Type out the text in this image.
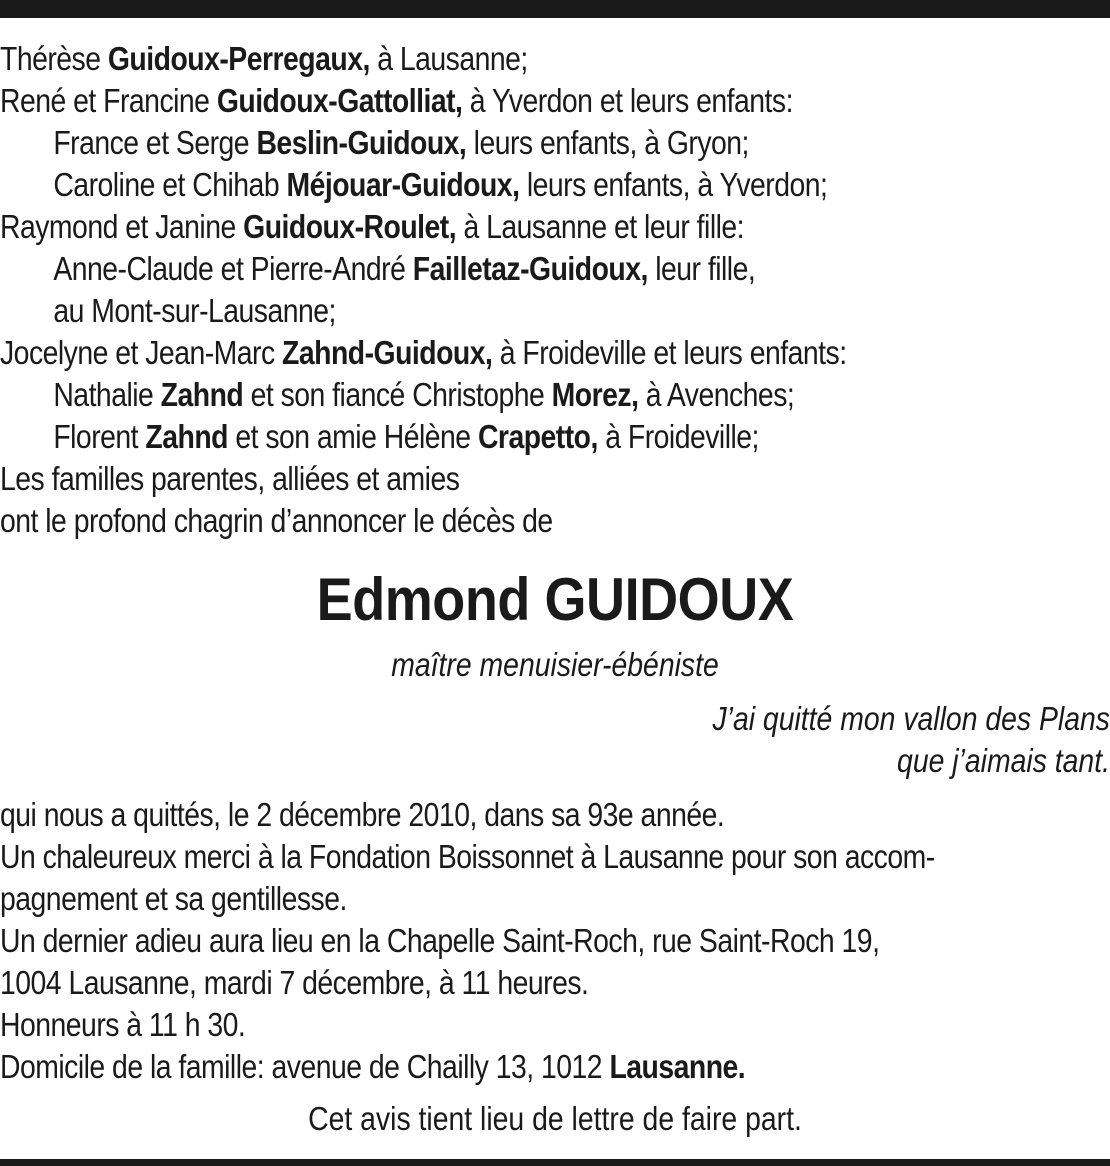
Thérèse Guidoux-Perregaux, à Lausanne;
René et Francine Guidoux-Gattolliat, à Yverdon et leurs enfants:
France et Serge Beslin-Guidoux, leurs enfants, à Gryon;
Caroline et Chihab Méjouar-Guidoux, leurs enfants, à Yverdon;
Raymond et Janine Guidoux-Roulet, à Lausanne et leur fille:
Anne-Claude et Pierre-André Failletaz-Guidoux, leur fille,
au Mont-sur-Lausanne;
Jocelyne et Jean-Marc Zahnd-Guidoux, à Froideville et leurs enfants:
Nathalie Zahnd et son fiancé Christophe Morez, à Avenches;
Florent Zahnd et son amie Hélène Crapetto, à Froideville;
Les familles parentes, alliées et amies
ont le profond chagrin d’annoncer le décès de
Edmond GUIDOUX
maître menuisier-ébéniste
J’ai quitté mon vallon des Plans
que j’aimais tant.
qui nous a quittés, le 2 décembre 2010, dans sa 93e année.
Un chaleureux merci à la Fondation Boissonnet à Lausanne pour son accom-
pagnement et sa gentillesse.
Un dernier adieu aura lieu en la Chapelle Saint-Roch, rue Saint-Roch 19,
1004 Lausanne, mardi 7 décembre, à 11 heures.
Honneurs à 11 h 30.
Domicile de la famille: avenue de Chailly 13, 1012 Lausanne.
Cet avis tient lieu de lettre de faire part.
